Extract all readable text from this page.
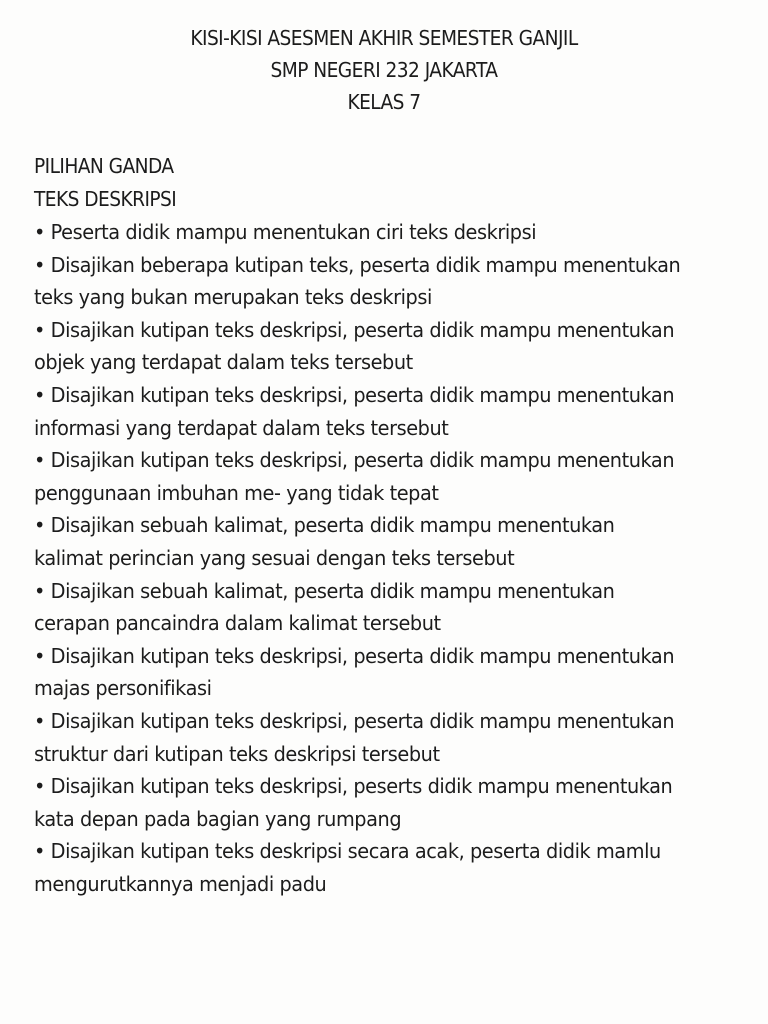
KISI-KISI ASESMEN AKHIR SEMESTER GANJIL
SMP NEGERI 232 JAKARTA
KELAS 7
PILIHAN GANDA
TEKS DESKRIPSI
• Peserta didik mampu menentukan ciri teks deskripsi
• Disajikan beberapa kutipan teks, peserta didik mampu menentukan
teks yang bukan merupakan teks deskripsi
• Disajikan kutipan teks deskripsi, peserta didik mampu menentukan
objek yang terdapat dalam teks tersebut
• Disajikan kutipan teks deskripsi, peserta didik mampu menentukan
informasi yang terdapat dalam teks tersebut
• Disajikan kutipan teks deskripsi, peserta didik mampu menentukan
penggunaan imbuhan me- yang tidak tepat
• Disajikan sebuah kalimat, peserta didik mampu menentukan
kalimat perincian yang sesuai dengan teks tersebut
• Disajikan sebuah kalimat, peserta didik mampu menentukan
cerapan pancaindra dalam kalimat tersebut
• Disajikan kutipan teks deskripsi, peserta didik mampu menentukan
majas personifikasi
• Disajikan kutipan teks deskripsi, peserta didik mampu menentukan
struktur dari kutipan teks deskripsi tersebut
• Disajikan kutipan teks deskripsi, peserts didik mampu menentukan
kata depan pada bagian yang rumpang
• Disajikan kutipan teks deskripsi secara acak, peserta didik mamlu
mengurutkannya menjadi padu
